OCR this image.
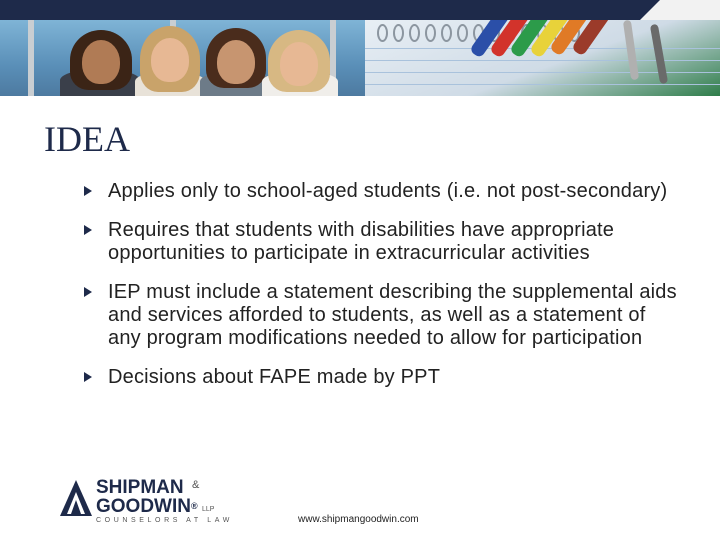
IDEA
Applies only to school-aged students (i.e. not post-secondary)
Requires that students with disabilities have appropriate opportunities to participate in extracurricular activities
IEP must include a statement describing the supplemental aids and services afforded to students, as well as a statement of any program modifications needed to allow for participation
Decisions about FAPE made by PPT
SHIPMAN
GOODWIN®
&
LLP
COUNSELORS AT LAW	www.shipmangoodwin.com
